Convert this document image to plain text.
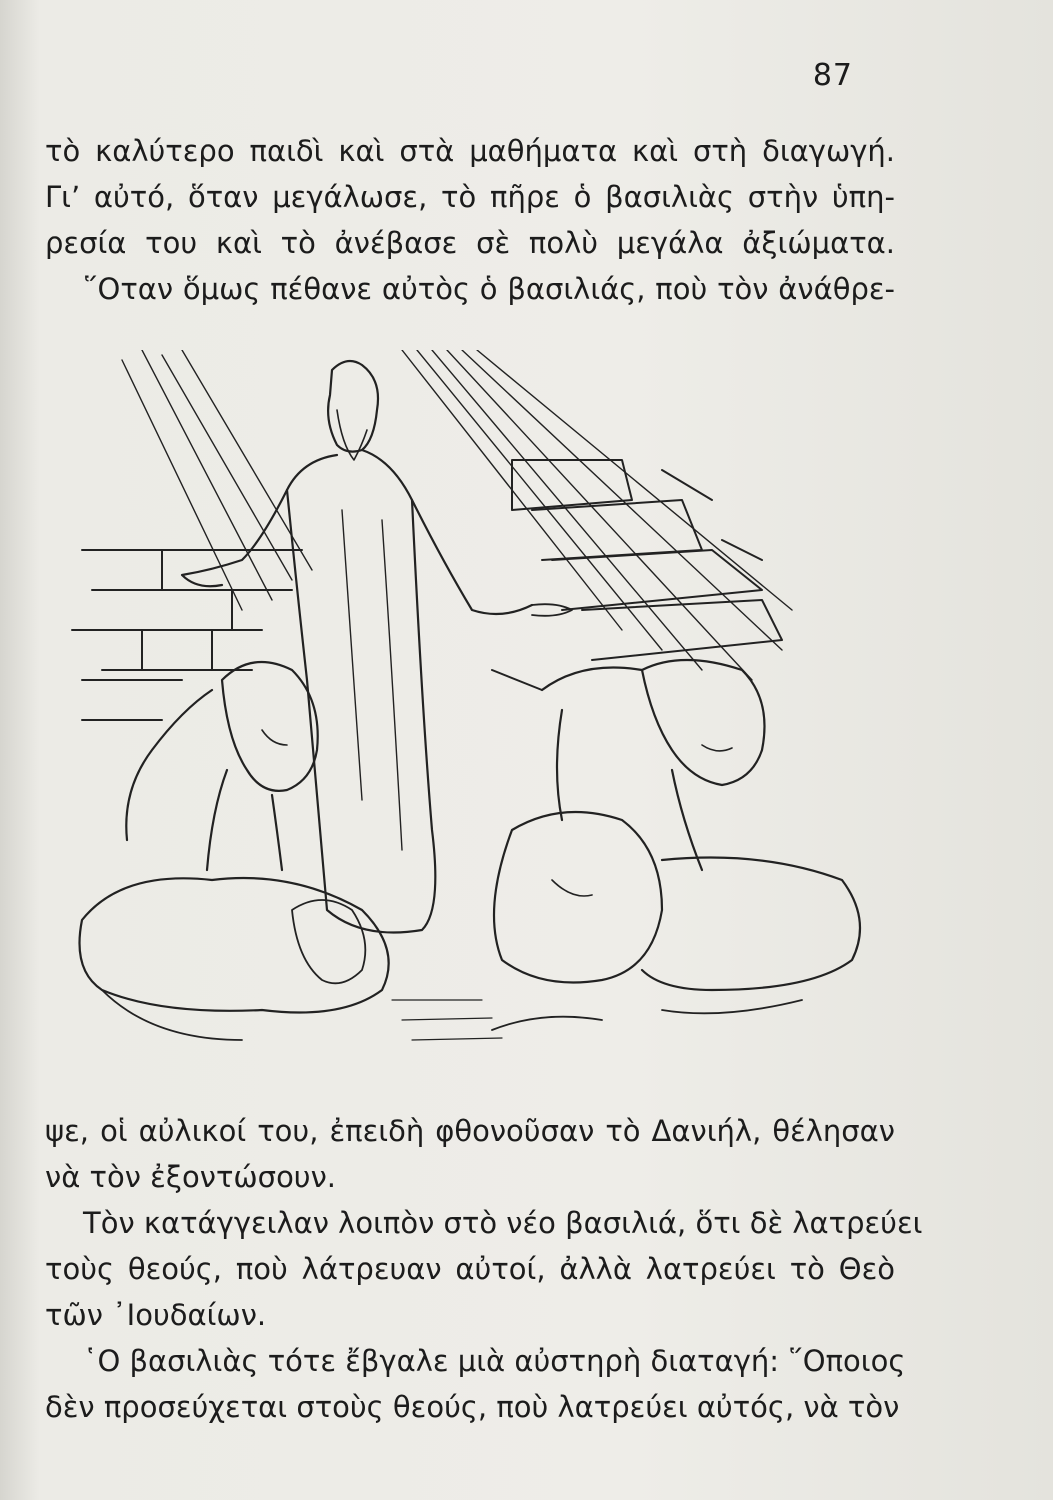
87
τὸ καλύτερο παιδὶ καὶ στὰ μαθήματα καὶ στὴ διαγωγή.
Γι’ αὐτό, ὅταν μεγάλωσε, τὸ πῆρε ὁ βασιλιὰς στὴν ὑπη-
ρεσία του καὶ τὸ ἀνέβασε σὲ πολὺ μεγάλα ἀξιώματα.
῞Οταν ὅμως πέθανε αὐτὸς ὁ βασιλιάς, ποὺ τὸν ἀνάθρε-
ψε, οἱ αὐλικοί του, ἐπειδὴ φθονοῦσαν τὸ Δανιήλ, θέλησαν
νὰ τὸν ἐξοντώσουν.
Τὸν κατάγγειλαν λοιπὸν στὸ νέο βασιλιά, ὅτι δὲ λατρεύει
τοὺς θεούς, ποὺ λάτρευαν αὐτοί, ἀλλὰ λατρεύει τὸ Θεὸ
τῶν ᾿Ιουδαίων.
῾Ο βασιλιὰς τότε ἔβγαλε μιὰ αὐστηρὴ διαταγή: ῞Οποιος
δὲν προσεύχεται στοὺς θεούς, ποὺ λατρεύει αὐτός, νὰ τὸν
